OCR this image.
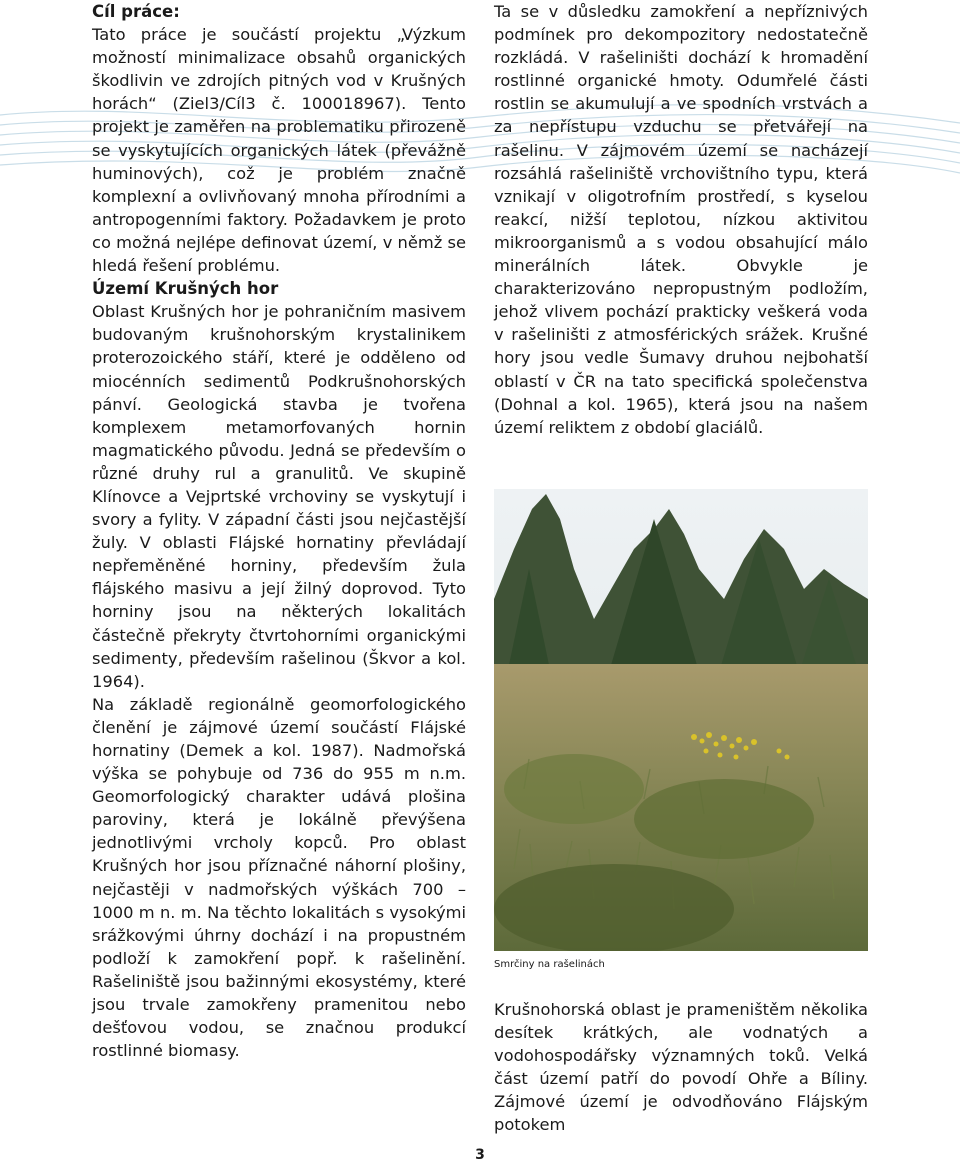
Cíl práce:

Tato práce je součástí projektu „Výzkum možností minimalizace obsahů organických škodlivin ve zdrojích pitných vod v Krušných horách“ (Ziel3/Cíl3 č. 100018967). Tento projekt je zaměřen na problematiku přirozeně se vyskytujících organických látek (převážně huminových), což je problém značně komplexní a ovlivňovaný mnoha přírodními a antropogenními faktory. Požadavkem je proto co možná nejlépe definovat území, v němž se hledá řešení problému.

Území Krušných hor

Oblast Krušných hor je pohraničním masivem budovaným krušnohorským krystalinikem proterozoického stáří, které je odděleno od miocénních sedimentů Podkrušnohorských pánví. Geologická stavba je tvořena komplexem metamorfovaných hornin magmatického původu. Jedná se především o různé druhy rul a granulitů. Ve skupině Klínovce a Vejprtské vrchoviny se vyskytují i svory a fylity. V západní části jsou nejčastější žuly. V oblasti Flájské hornatiny převládají nepřeměněné horniny, především žula flájského masivu a její žilný doprovod. Tyto horniny jsou na některých lokalitách částečně překryty čtvrtohorními organickými sedimenty, především rašelinou (Škvor a kol. 1964).

Na základě regionálně geomorfologického členění je zájmové území součástí Flájské hornatiny (Demek a kol. 1987). Nadmořská výška se pohybuje od 736 do 955 m n.m. Geomorfologický charakter udává plošina paroviny, která je lokálně převýšena jednotlivými vrcholy kopců. Pro oblast Krušných hor jsou příznačné náhorní plošiny, nejčastěji v nadmořských výškách 700 – 1000 m n. m. Na těchto lokalitách s vysokými srážkovými úhrny dochází i na propustném podloží k zamokření popř. k rašelinění. Rašeliniště jsou bažinnými ekosystémy, které jsou trvale zamokřeny pramenitou nebo dešťovou vodou, se značnou produkcí rostlinné biomasy.

Ta se v důsledku zamokření a nepříznivých podmínek pro dekompozitory nedostatečně rozkládá. V rašeliništi dochází k hromadění rostlinné organické hmoty. Odumřelé části rostlin se akumulují a ve spodních vrstvách a za nepřístupu vzduchu se přetvářejí na rašelinu. V zájmovém území se nacházejí rozsáhlá rašeliniště vrchovištního typu, která vznikají v oligotrofním prostředí, s kyselou reakcí, nižší teplotou, nízkou aktivitou mikroorganismů a s vodou obsahující málo minerálních látek. Obvykle je charakterizováno nepropustným podložím, jehož vlivem pochází prakticky veškerá voda v rašeliništi z atmosférických srážek. Krušné hory jsou vedle Šumavy druhou nejbohatší oblastí v ČR na tato specifická společenstva (Dohnal a kol. 1965), která jsou na našem území reliktem z období glaciálů.

Smrčiny na rašelinách

Krušnohorská oblast je prameništěm několika desítek krátkých, ale vodnatých a vodohospodářsky významných toků. Velká část území patří do povodí Ohře a Bíliny. Zájmové území je odvodňováno Flájským potokem

3
